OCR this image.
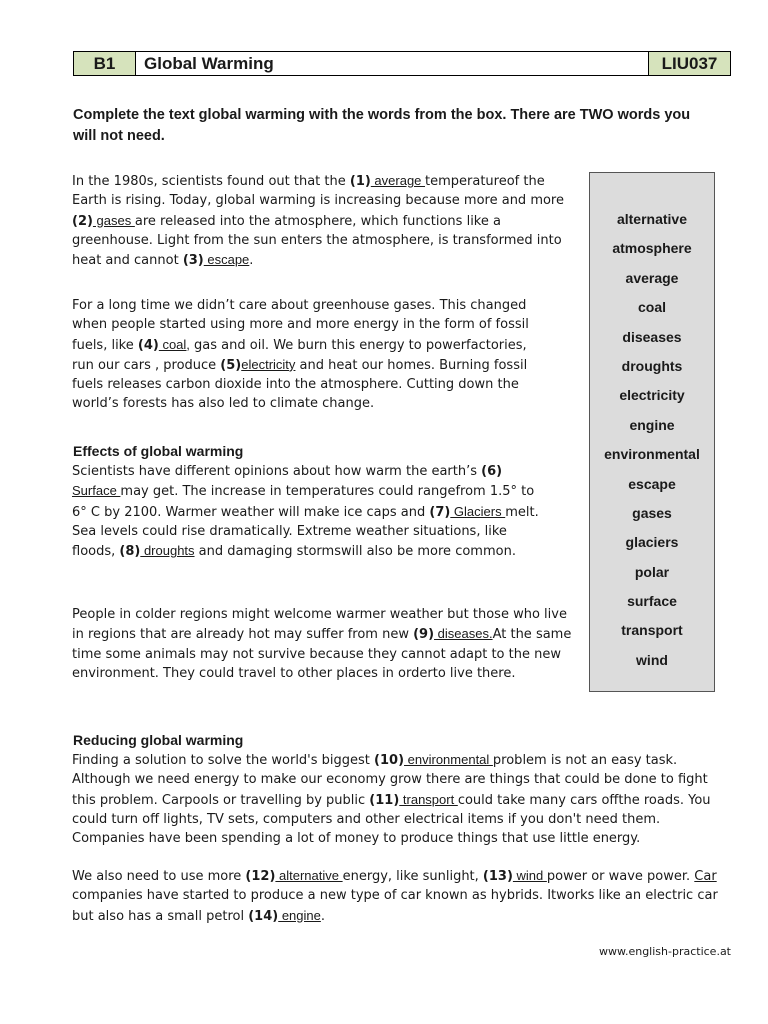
B1	Global Warming	LIU037
Complete the text global warming with the words from the box. There are TWO words you will not need.

In the 1980s, scientists found out that the (1) average temperatureof the Earth is rising. Today, global warming is increasing because more and more (2) gases are released into the atmosphere, which functions like a greenhouse. Light from the sun enters the atmosphere, is transformed into heat and cannot (3) escape.

For a long time we didn’t care about greenhouse gases. This changed when people started using more and more energy in the form of fossil fuels, like (4) coal, gas and oil. We burn this energy to powerfactories, run our cars , produce (5)electricity and heat our homes. Burning fossil fuels releases carbon dioxide into the atmosphere. Cutting down the world’s forests has also led to climate change.

Effects of global warming

Scientists have different opinions about how warm the earth’s (6) Surface may get. The increase in temperatures could rangefrom 1.5° to 6° C by 2100. Warmer weather will make ice caps and (7) Glaciers melt. Sea levels could rise dramatically. Extreme weather situations, like floods, (8) droughts and damaging stormswill also be more common.

People in colder regions might welcome warmer weather but those who live in regions that are already hot may suffer from new (9) diseases.At the same time some animals may not survive because they cannot adapt to the new environment. They could travel to other places in orderto live there.

Reducing global warming

Finding a solution to solve the world's biggest (10) environmental problem is not an easy task. Although we need energy to make our economy grow there are things that could be done to fight this problem. Carpools or travelling by public (11) transport could take many cars offthe roads. You could turn off lights, TV sets, computers and other electrical items if you don't need them. Companies have been spending a lot of money to produce things that use little energy.

We also need to use more (12) alternative energy, like sunlight, (13) wind power or wave power. Car companies have started to produce a new type of car known as hybrids. Itworks like an electric car but also has a small petrol (14) engine.

alternative
atmosphere
average
coal
diseases
droughts
electricity
engine
environmental
escape
gases
glaciers
polar
surface
transport
wind
www.english-practice.at
